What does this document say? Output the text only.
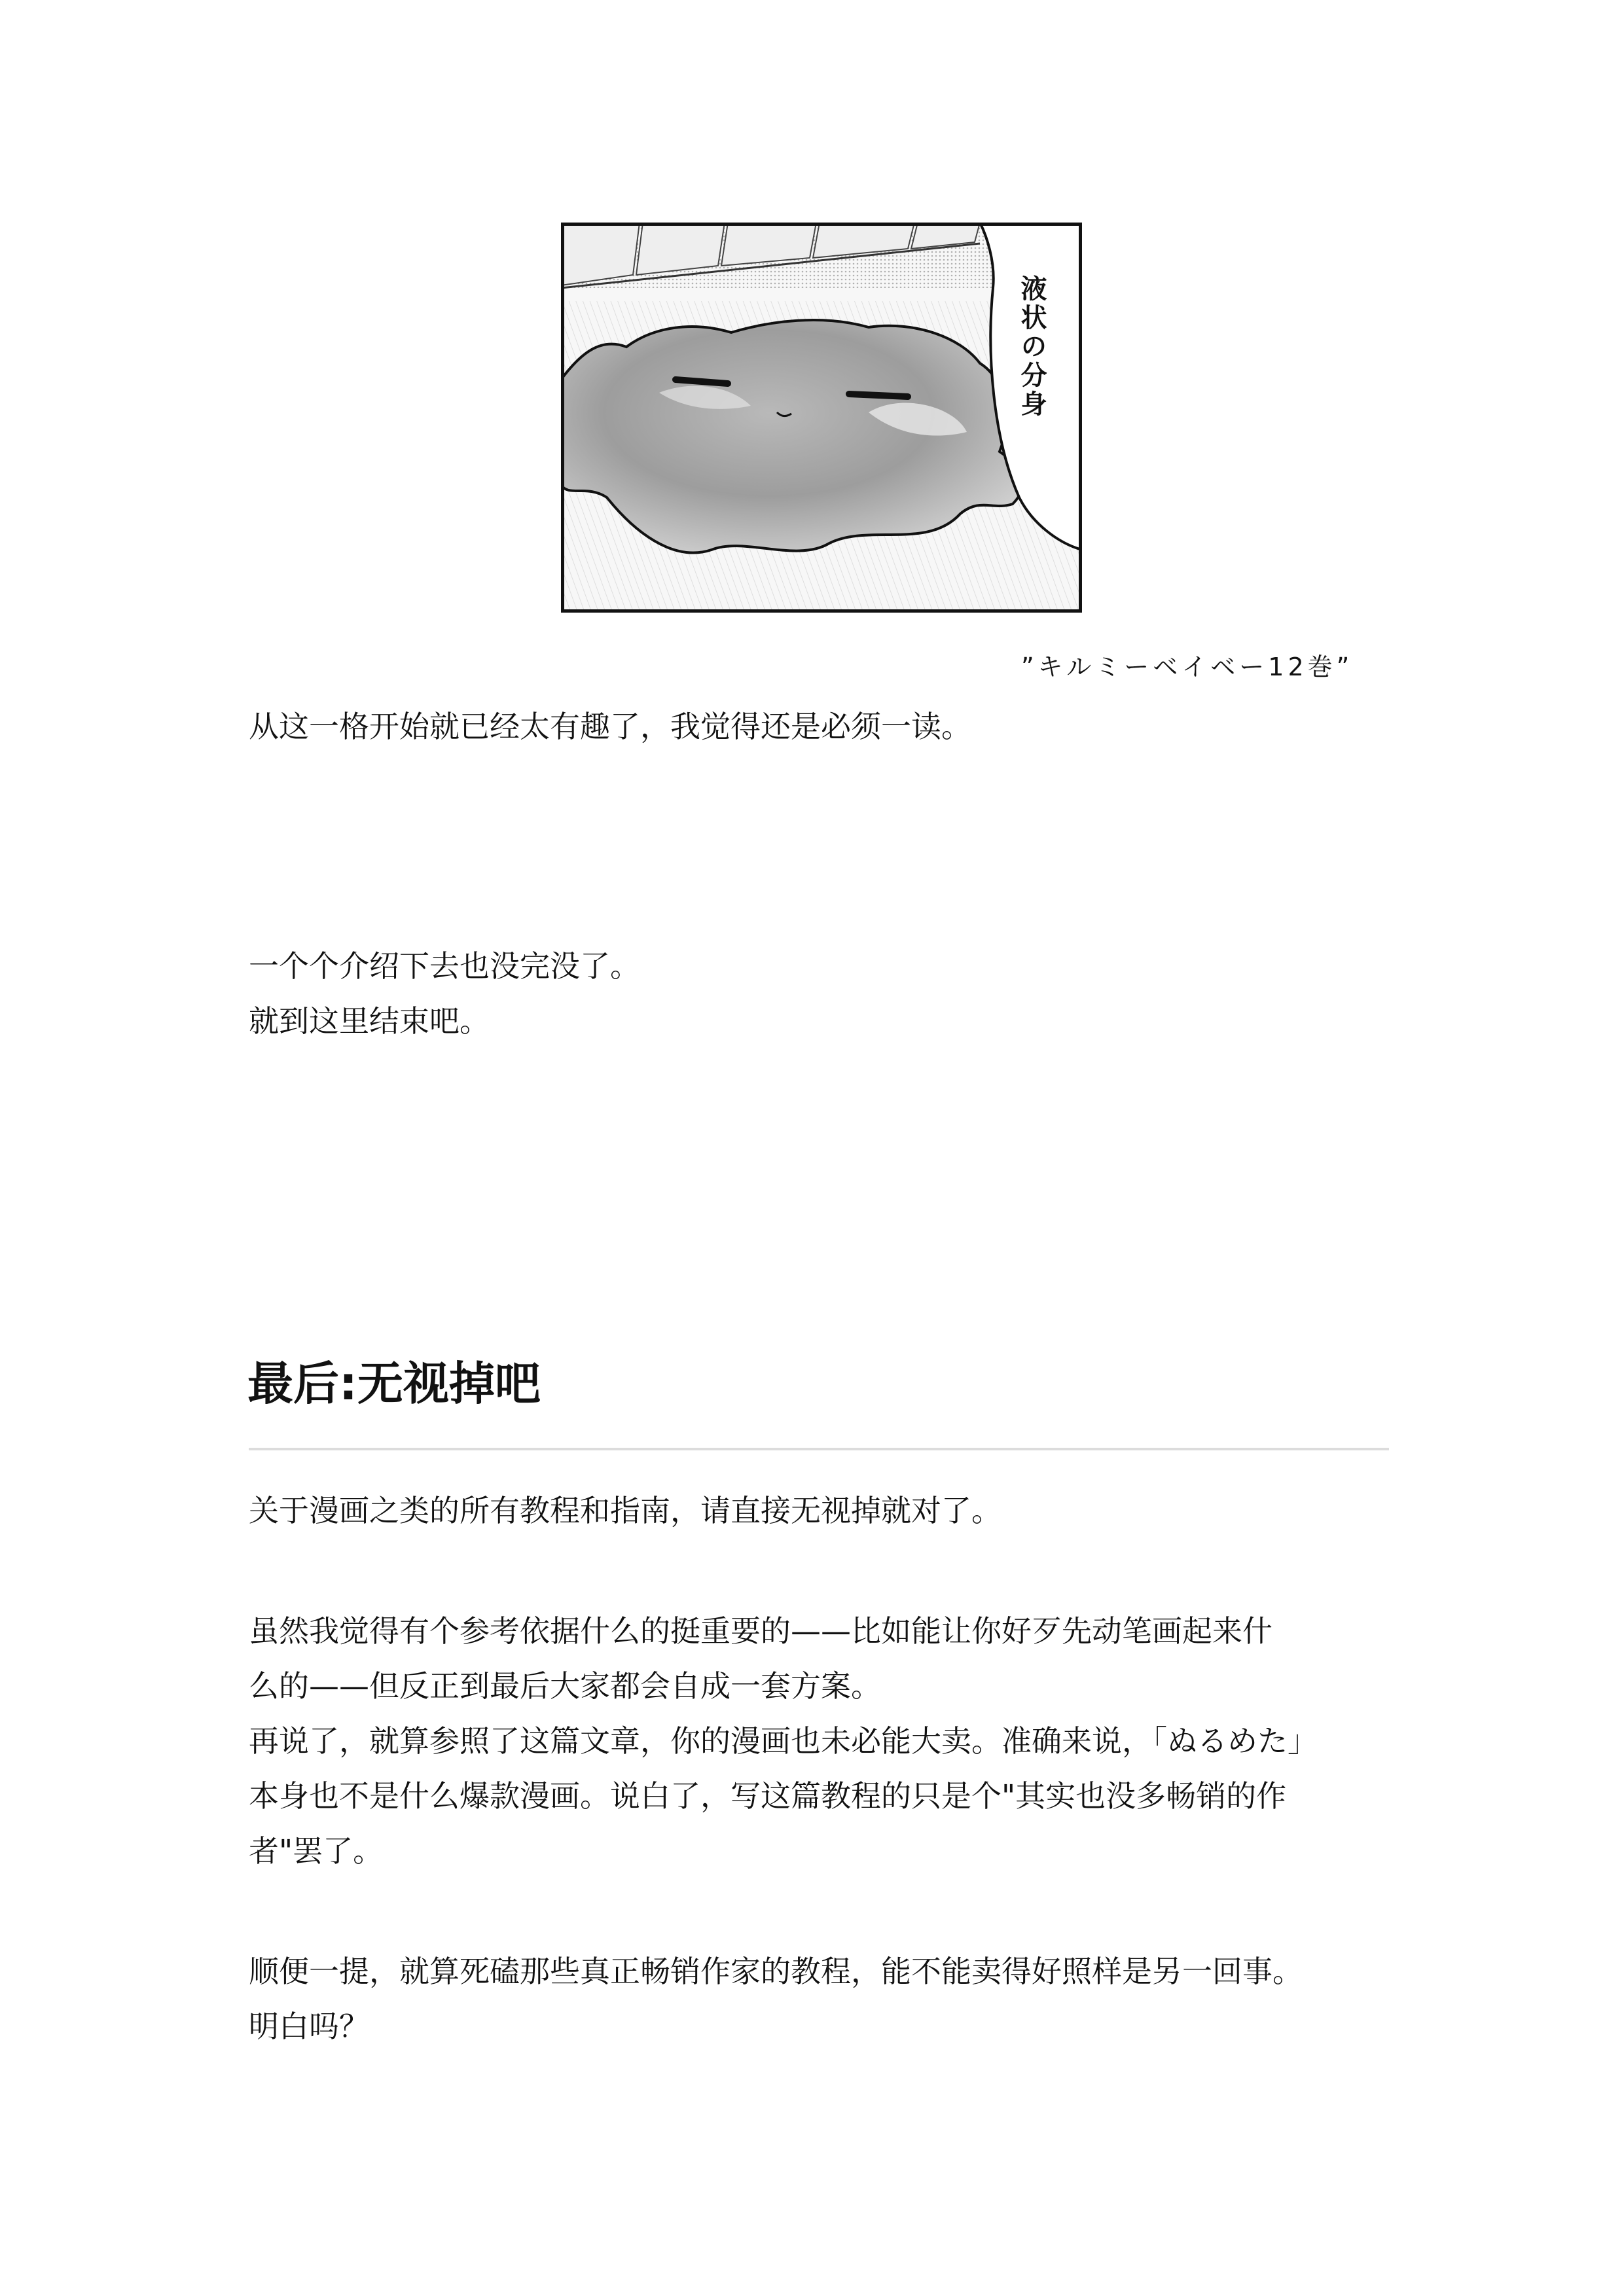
液状の分身
”キルミーベイベー12巻”
从这一格开始就已经太有趣了，我觉得还是必须一读。
一个个介绍下去也没完没了。
就到这里结束吧。
最后:无视掉吧
关于漫画之类的所有教程和指南，请直接无视掉就对了。
虽然我觉得有个参考依据什么的挺重要的——比如能让你好歹先动笔画起来什
么的——但反正到最后大家都会自成一套方案。
再说了，就算参照了这篇文章，你的漫画也未必能大卖。准确来说，「ぬるめた」
本身也不是什么爆款漫画。说白了，写这篇教程的只是个"其实也没多畅销的作
者"罢了。
顺便一提，就算死磕那些真正畅销作家的教程，能不能卖得好照样是另一回事。
明白吗？
